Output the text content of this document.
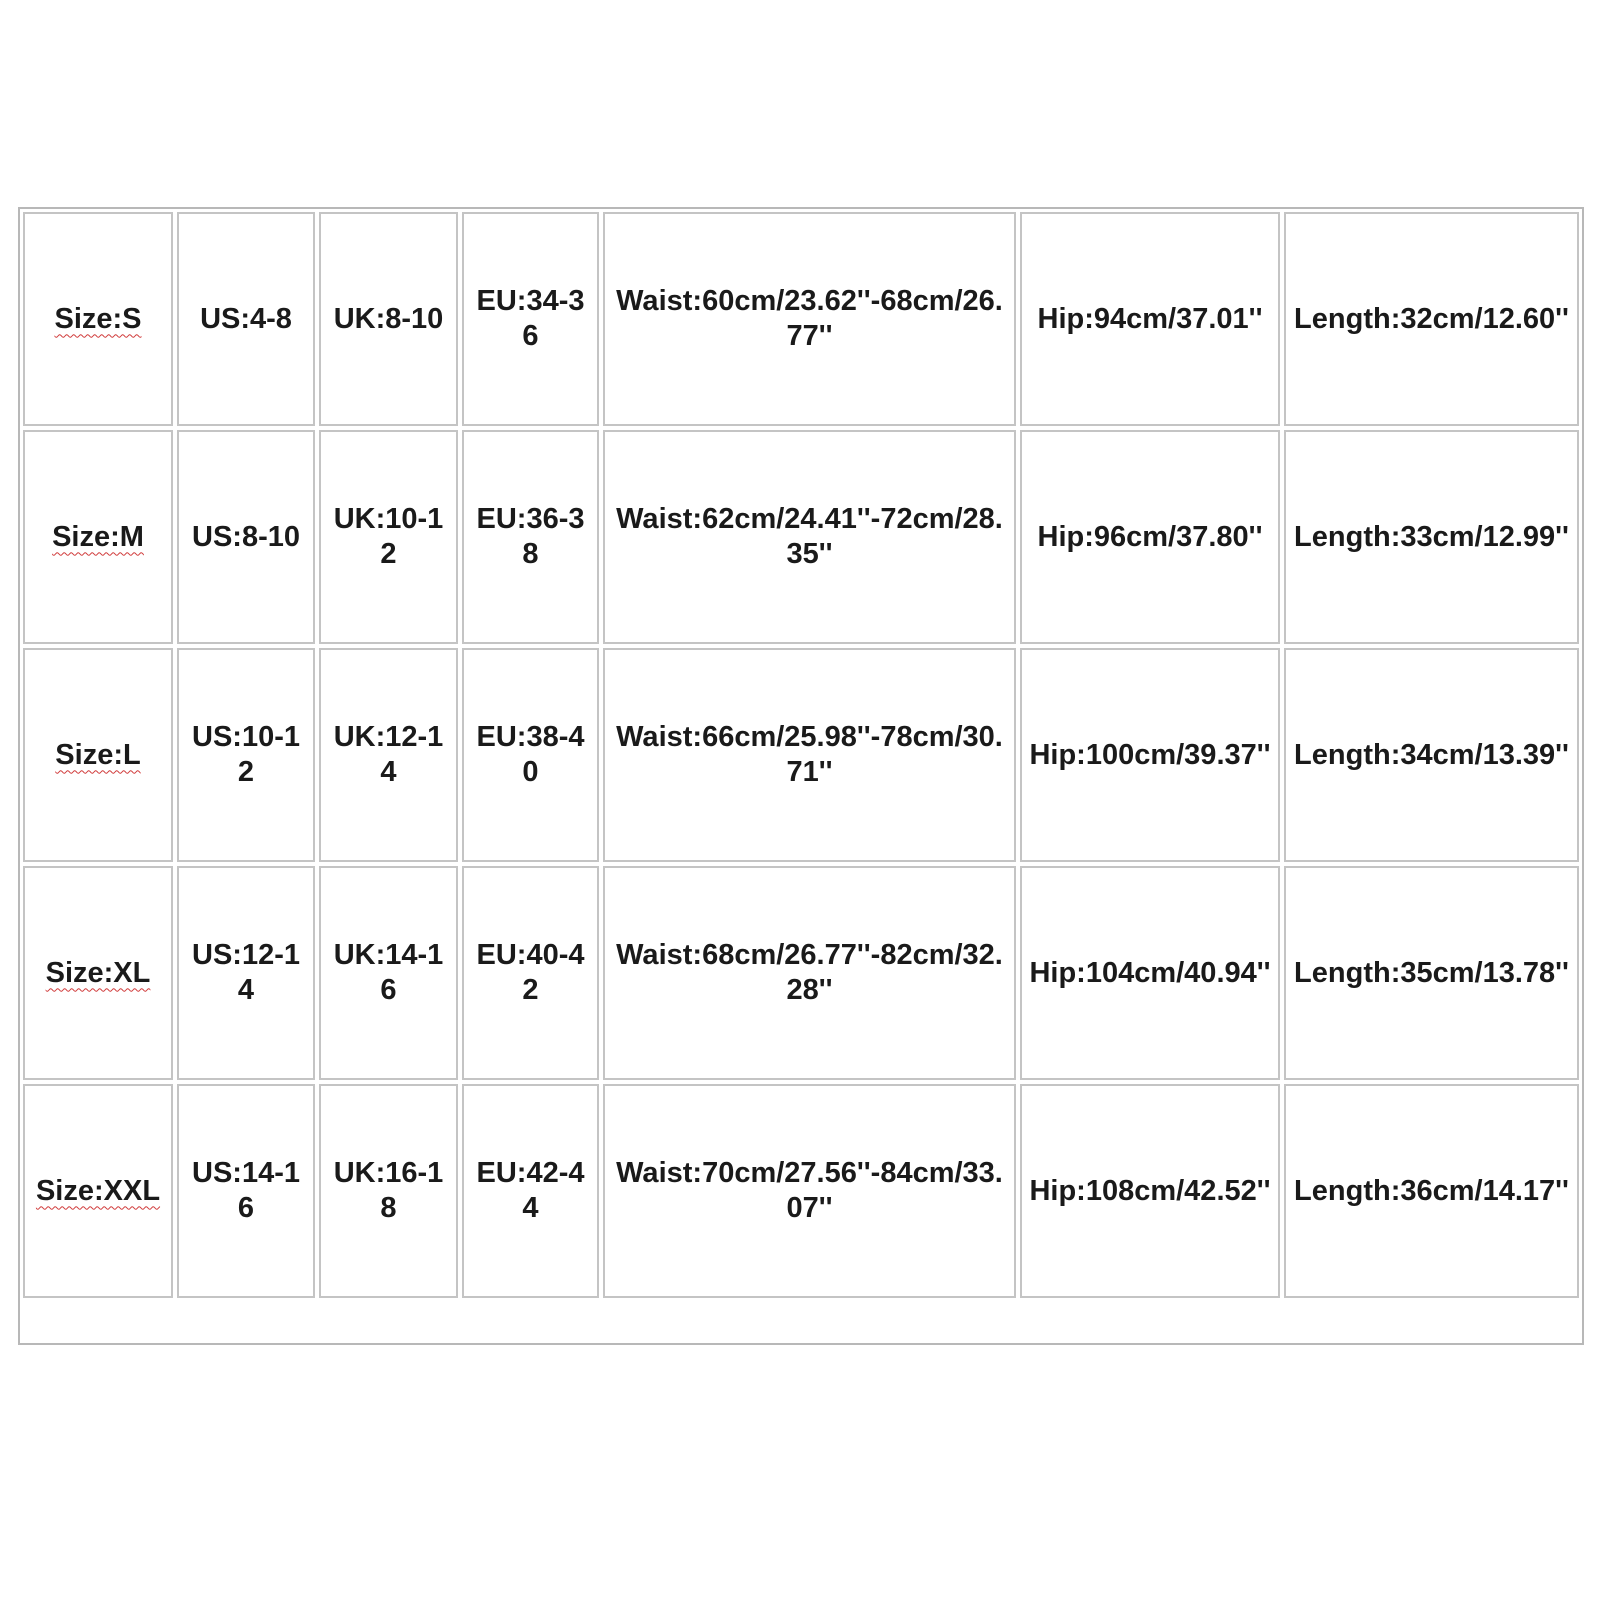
Size:S	US:4-8	UK:8-10	EU:34-36	Waist:60cm/23.62''-68cm/26.77''	Hip:94cm/37.01''	Length:32cm/12.60''
Size:M	US:8-10	UK:10-12	EU:36-38	Waist:62cm/24.41''-72cm/28.35''	Hip:96cm/37.80''	Length:33cm/12.99''
Size:L	US:10-12	UK:12-14	EU:38-40	Waist:66cm/25.98''-78cm/30.71''	Hip:100cm/39.37''	Length:34cm/13.39''
Size:XL	US:12-14	UK:14-16	EU:40-42	Waist:68cm/26.77''-82cm/32.28''	Hip:104cm/40.94''	Length:35cm/13.78''
Size:XXL	US:14-16	UK:16-18	EU:42-44	Waist:70cm/27.56''-84cm/33.07''	Hip:108cm/42.52''	Length:36cm/14.17''
